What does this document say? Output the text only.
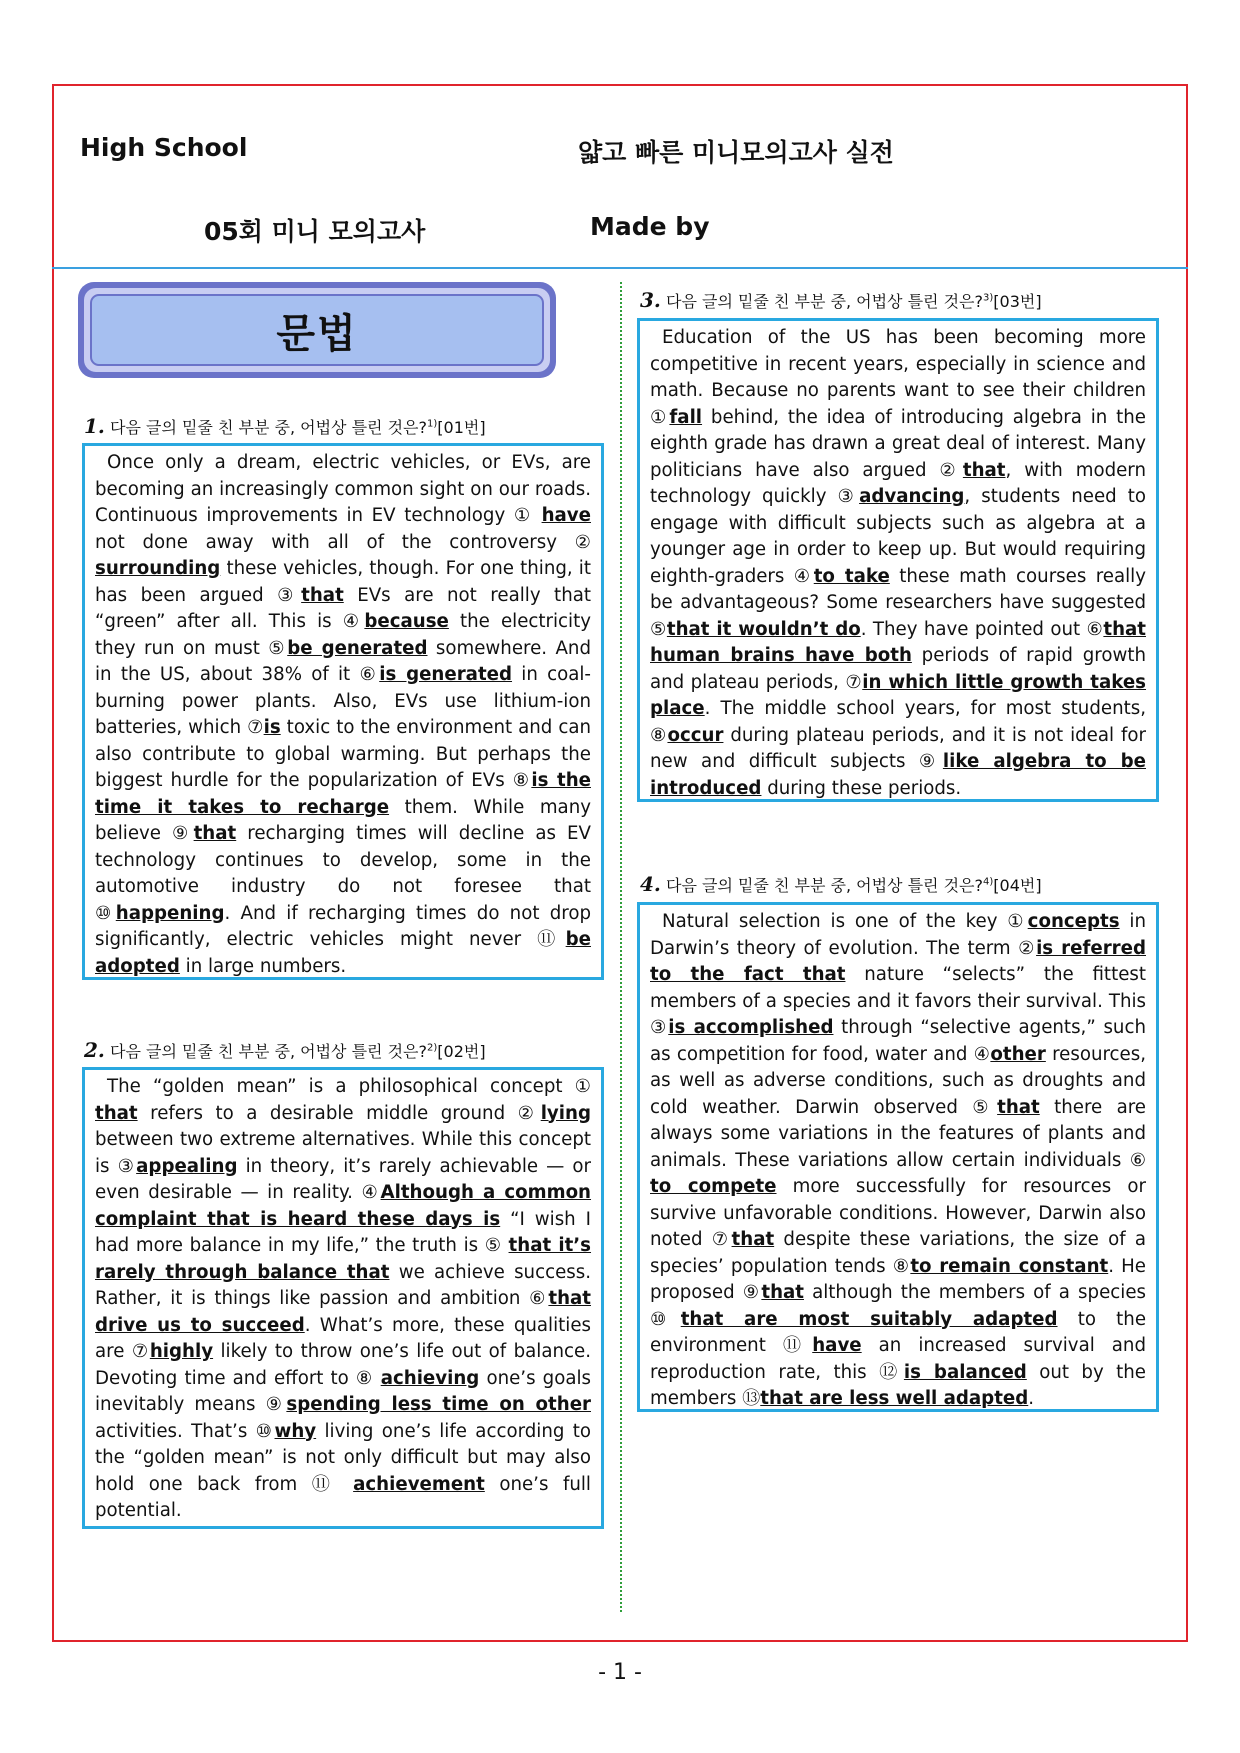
High School	얇고 빠른 미니모의고사 실전
05회 미니 모의고사	Made by
문법
1. 다음 글의 밑줄 친 부분 중, 어법상 틀린 것은?$^{1)}$[01번]

Once only a dream, electric vehicles, or EVs, are becoming an increasingly common sight on our roads. Continuous improvements in EV technology ① have not done away with all of the controversy ② surrounding these vehicles, though. For one thing, it has been argued ③that EVs are not really that “green” after all. This is ④because the electricity they run on must ⑤be generated somewhere. And in the US, about 38% of it ⑥is generated in coal-burning power plants. Also, EVs use lithium-ion batteries, which ⑦is toxic to the environment and can also contribute to global warming. But perhaps the biggest hurdle for the popularization of EVs ⑧is the time it takes to recharge them. While many believe ⑨that recharging times will decline as EV technology continues to develop, some in the automotive industry do not foresee that ⑩happening. And if recharging times do not drop significantly, electric vehicles might never ⑪be adopted in large numbers.

2. 다음 글의 밑줄 친 부분 중, 어법상 틀린 것은?$^{2)}$[02번]

The “golden mean” is a philosophical concept ① that refers to a desirable middle ground ②lying between two extreme alternatives. While this concept is ③appealing in theory, it’s rarely achievable — or even desirable — in reality. ④Although a common complaint that is heard these days is “I wish I had more balance in my life,” the truth is ⑤ that it’s rarely through balance that we achieve success. Rather, it is things like passion and ambition ⑥that drive us to succeed. What’s more, these qualities are ⑦highly likely to throw one’s life out of balance. Devoting time and effort to ⑧ achieving one’s goals inevitably means ⑨spending less time on other activities. That’s ⑩why living one’s life according to the “golden mean” is not only difficult but may also hold one back from ⑪ achievement one’s full potential.

3. 다음 글의 밑줄 친 부분 중, 어법상 틀린 것은?$^{3)}$[03번]

Education of the US has been becoming more competitive in recent years, especially in science and math. Because no parents want to see their children ①fall behind, the idea of introducing algebra in the eighth grade has drawn a great deal of interest. Many politicians have also argued ②that, with modern technology quickly ③advancing, students need to engage with difficult subjects such as algebra at a younger age in order to keep up. But would requiring eighth-graders ④to take these math courses really be advantageous? Some researchers have suggested ⑤that it wouldn’t do. They have pointed out ⑥that human brains have both periods of rapid growth and plateau periods, ⑦in which little growth takes place. The middle school years, for most students, ⑧occur during plateau periods, and it is not ideal for new and difficult subjects ⑨like algebra to be introduced during these periods.

4. 다음 글의 밑줄 친 부분 중, 어법상 틀린 것은?$^{4)}$[04번]

Natural selection is one of the key ①concepts in Darwin’s theory of evolution. The term ②is referred to the fact that nature “selects” the fittest members of a species and it favors their survival. This ③is accomplished through “selective agents,” such as competition for food, water and ④other resources, as well as adverse conditions, such as droughts and cold weather. Darwin observed ⑤that there are always some variations in the features of plants and animals. These variations allow certain individuals ⑥ to compete more successfully for resources or survive unfavorable conditions. However, Darwin also noted ⑦that despite these variations, the size of a species’ population tends ⑧to remain constant. He proposed ⑨that although the members of a species ⑩that are most suitably adapted to the environment ⑪have an increased survival and reproduction rate, this ⑫is balanced out by the members ⑬that are less well adapted.

- 1 -
